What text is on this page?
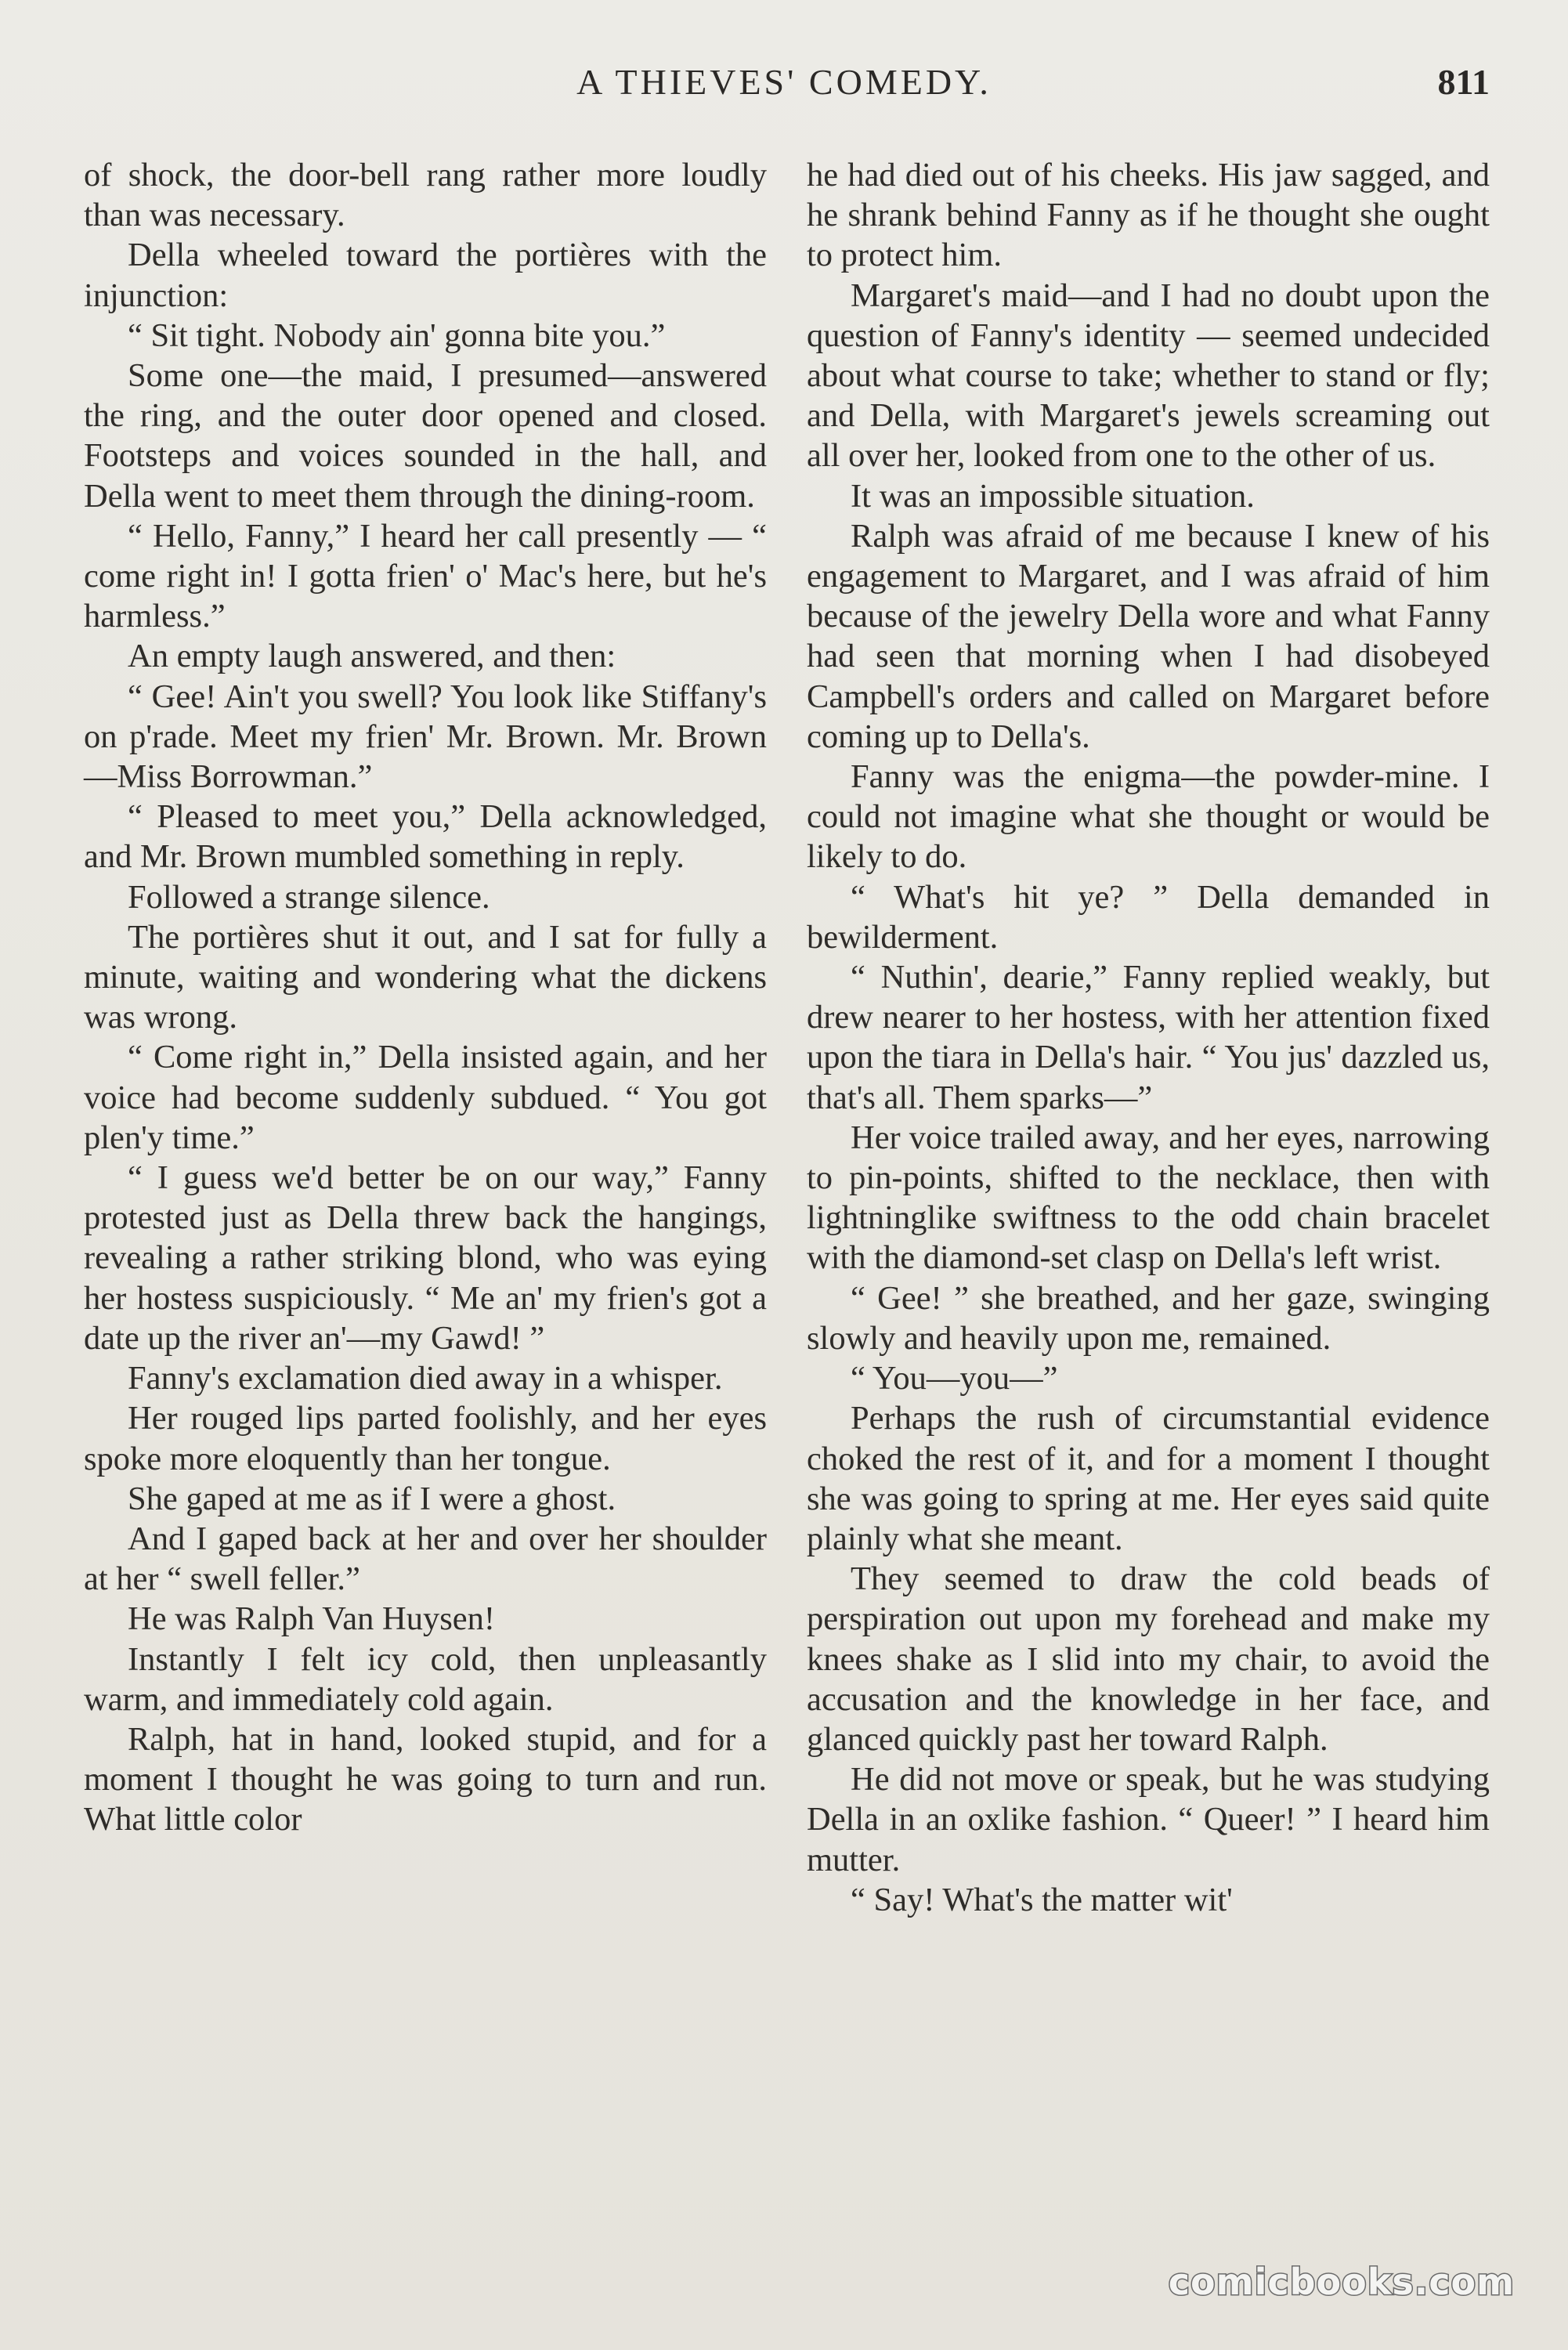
A THIEVES' COMEDY.	811

of shock, the door-bell rang rather more loudly than was necessary.

Della wheeled toward the portières with the injunction:

“ Sit tight. Nobody ain' gonna bite you.”

Some one—the maid, I presumed—answered the ring, and the outer door opened and closed. Footsteps and voices sounded in the hall, and Della went to meet them through the dining-room.

“ Hello, Fanny,” I heard her call presently — “ come right in! I gotta frien' o' Mac's here, but he's harmless.”

An empty laugh answered, and then:

“ Gee! Ain't you swell? You look like Stiffany's on p'rade. Meet my frien' Mr. Brown. Mr. Brown—Miss Borrowman.”

“ Pleased to meet you,” Della acknowledged, and Mr. Brown mumbled something in reply.

Followed a strange silence.

The portières shut it out, and I sat for fully a minute, waiting and wondering what the dickens was wrong.

“ Come right in,” Della insisted again, and her voice had become suddenly subdued. “ You got plen'y time.”

“ I guess we'd better be on our way,” Fanny protested just as Della threw back the hangings, revealing a rather striking blond, who was eying her hostess suspiciously. “ Me an' my frien's got a date up the river an'—my Gawd! ”

Fanny's exclamation died away in a whisper.

Her rouged lips parted foolishly, and her eyes spoke more eloquently than her tongue.

She gaped at me as if I were a ghost.

And I gaped back at her and over her shoulder at her “ swell feller.”

He was Ralph Van Huysen!

Instantly I felt icy cold, then unpleasantly warm, and immediately cold again.

Ralph, hat in hand, looked stupid, and for a moment I thought he was going to turn and run. What little color

he had died out of his cheeks. His jaw sagged, and he shrank behind Fanny as if he thought she ought to protect him.

Margaret's maid—and I had no doubt upon the question of Fanny's identity — seemed undecided about what course to take; whether to stand or fly; and Della, with Margaret's jewels screaming out all over her, looked from one to the other of us.

It was an impossible situation.

Ralph was afraid of me because I knew of his engagement to Margaret, and I was afraid of him because of the jewelry Della wore and what Fanny had seen that morning when I had disobeyed Campbell's orders and called on Margaret before coming up to Della's.

Fanny was the enigma—the powder-mine. I could not imagine what she thought or would be likely to do.

“ What's hit ye? ” Della demanded in bewilderment.

“ Nuthin', dearie,” Fanny replied weakly, but drew nearer to her hostess, with her attention fixed upon the tiara in Della's hair. “ You jus' dazzled us, that's all. Them sparks—”

Her voice trailed away, and her eyes, narrowing to pin-points, shifted to the necklace, then with lightninglike swiftness to the odd chain bracelet with the diamond-set clasp on Della's left wrist.

“ Gee! ” she breathed, and her gaze, swinging slowly and heavily upon me, remained.

“ You—you—”

Perhaps the rush of circumstantial evidence choked the rest of it, and for a moment I thought she was going to spring at me. Her eyes said quite plainly what she meant.

They seemed to draw the cold beads of perspiration out upon my forehead and make my knees shake as I slid into my chair, to avoid the accusation and the knowledge in her face, and glanced quickly past her toward Ralph.

He did not move or speak, but he was studying Della in an oxlike fashion. “ Queer! ” I heard him mutter.

“ Say! What's the matter wit'

comicbooks.com
